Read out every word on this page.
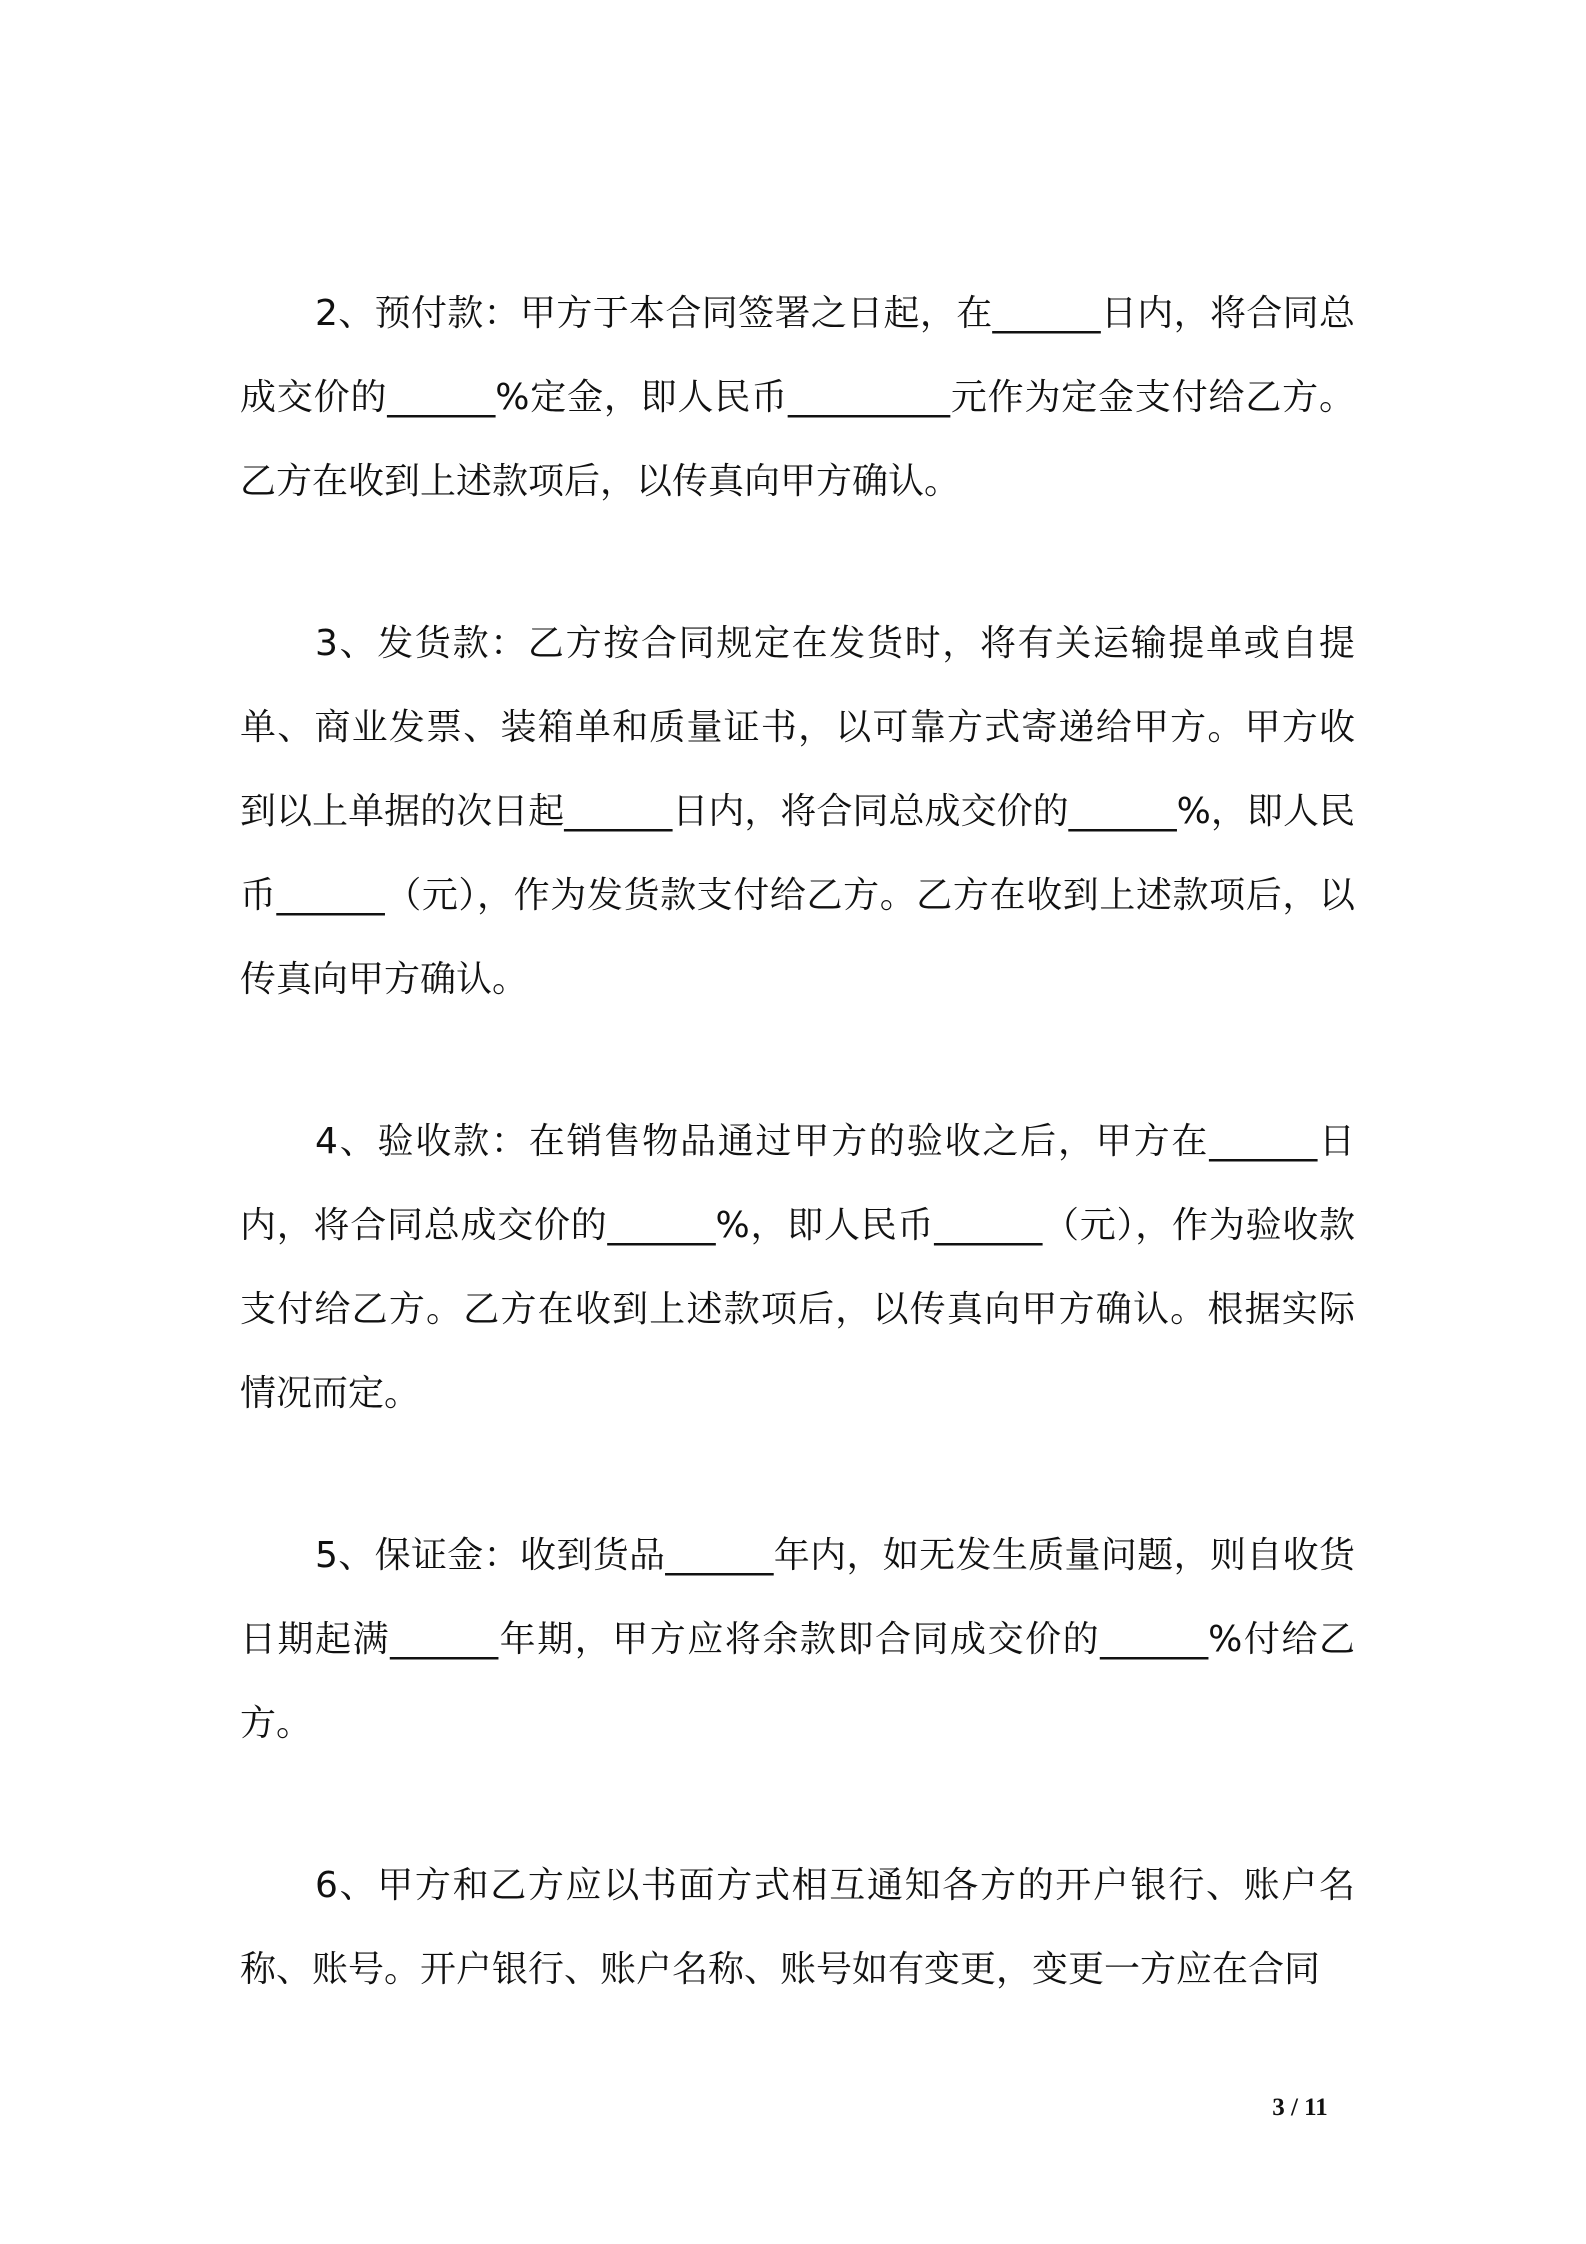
2、预付款：甲方于本合同签署之日起，在______日内，将合同总成交价的______%定金，即人民币_________元作为定金支付给乙方。乙方在收到上述款项后，以传真向甲方确认。

3、发货款：乙方按合同规定在发货时，将有关运输提单或自提单、商业发票、装箱单和质量证书，以可靠方式寄递给甲方。甲方收到以上单据的次日起______日内，将合同总成交价的______%，即人民币______（元），作为发货款支付给乙方。乙方在收到上述款项后，以传真向甲方确认。

4、验收款：在销售物品通过甲方的验收之后，甲方在______日内，将合同总成交价的______%，即人民币______（元），作为验收款支付给乙方。乙方在收到上述款项后，以传真向甲方确认。根据实际情况而定。

5、保证金：收到货品______年内，如无发生质量问题，则自收货日期起满______年期，甲方应将余款即合同成交价的______%付给乙方。

6、甲方和乙方应以书面方式相互通知各方的开户银行、账户名称、账号。开户银行、账户名称、账号如有变更，变更一方应在合同

3 / 11
